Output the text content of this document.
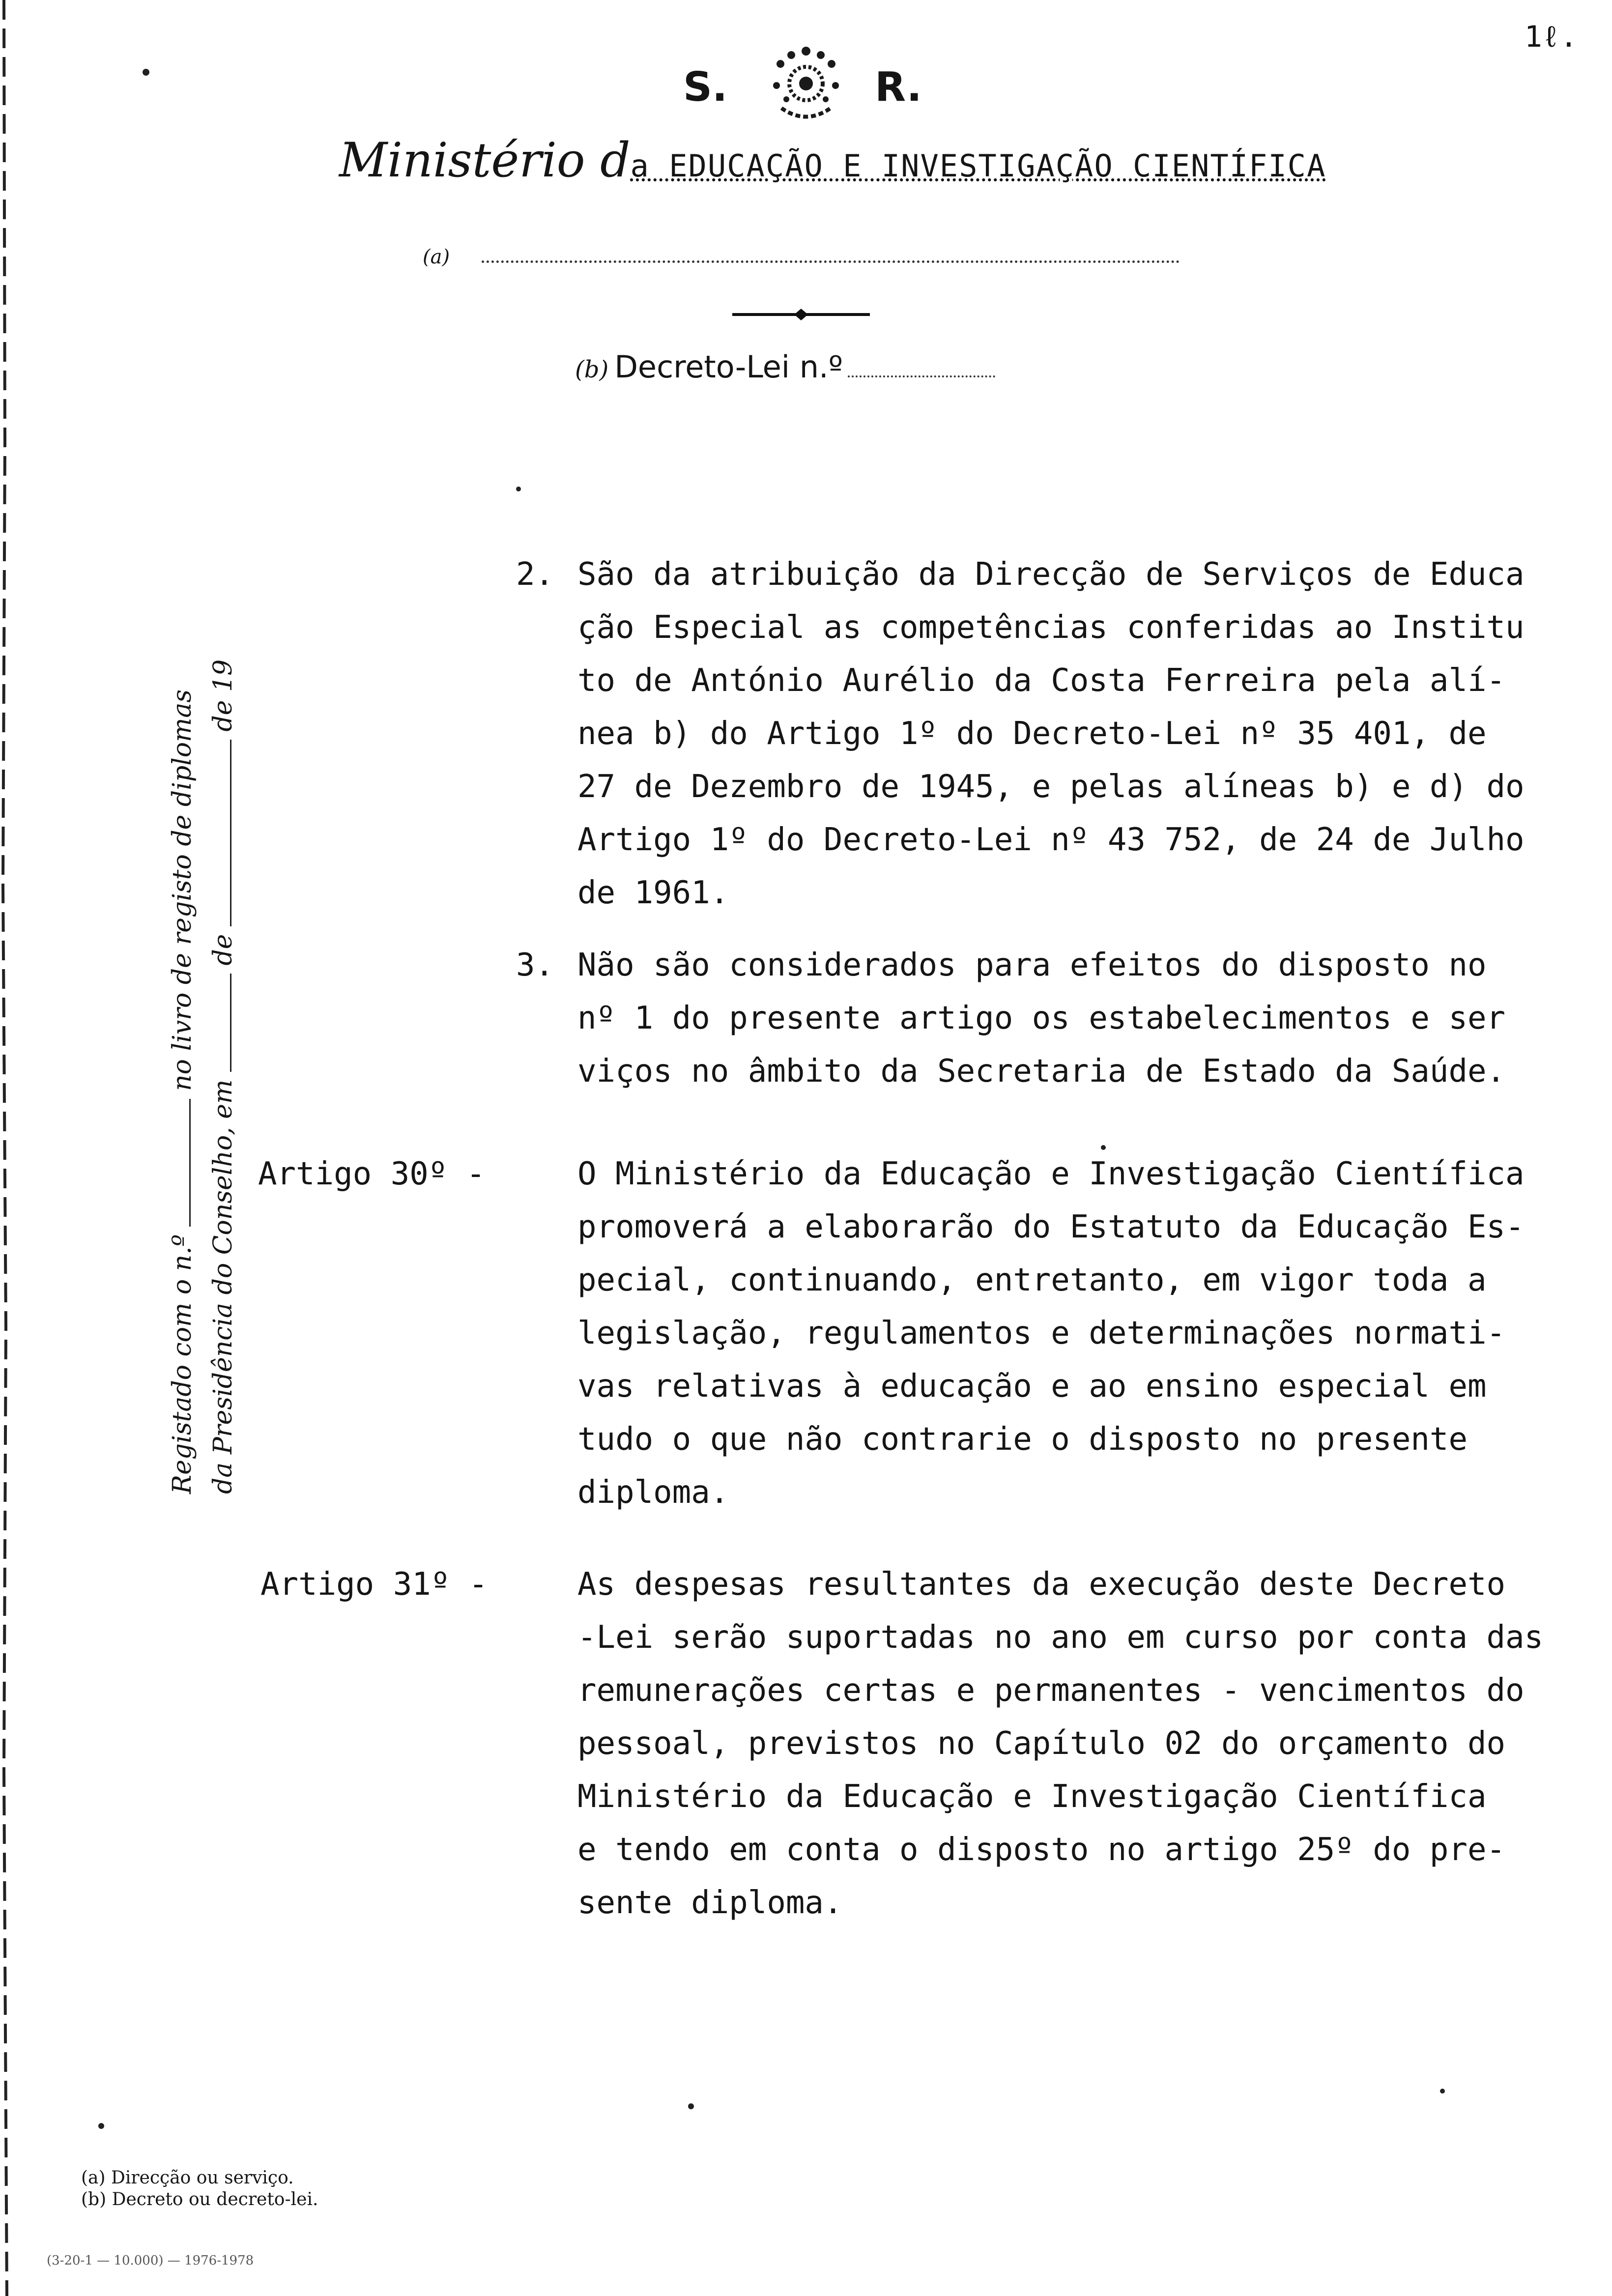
1ℓ.
S.	R.
Ministério da EDUCAÇÃO E INVESTIGAÇÃO CIENTÍFICA
(a)
(b) Decreto-Lei n.º
Registado com o n.º
no livro de registo de diplomas
da Presidência do Conselho, em
de
de 19
2. São da atribuição da Direcção de Serviços de Educa
ção Especial as competências conferidas ao Institu
to de António Aurélio da Costa Ferreira pela alí-
nea b) do Artigo 1º do Decreto-Lei nº 35 401, de
27 de Dezembro de 1945, e pelas alíneas b) e d) do
Artigo 1º do Decreto-Lei nº 43 752, de 24 de Julho
de 1961.
3. Não são considerados para efeitos do disposto no
nº 1 do presente artigo os estabelecimentos e ser
viços no âmbito da Secretaria de Estado da Saúde.
Artigo 30º -	O Ministério da Educação e Investigação Científica
promoverá a elaborarão do Estatuto da Educação Es-
pecial, continuando, entretanto, em vigor toda a
legislação, regulamentos e determinações normati-
vas relativas à educação e ao ensino especial em
tudo o que não contrarie o disposto no presente
diploma.
Artigo 31º -	As despesas resultantes da execução deste Decreto
-Lei serão suportadas no ano em curso por conta das
remunerações certas e permanentes - vencimentos do
pessoal, previstos no Capítulo 02 do orçamento do
Ministério da Educação e Investigação Científica
e tendo em conta o disposto no artigo 25º do pre-
sente diploma.
(a) Direcção ou serviço.
(b) Decreto ou decreto-lei.
(3-20-1 — 10.000) — 1976-1978
